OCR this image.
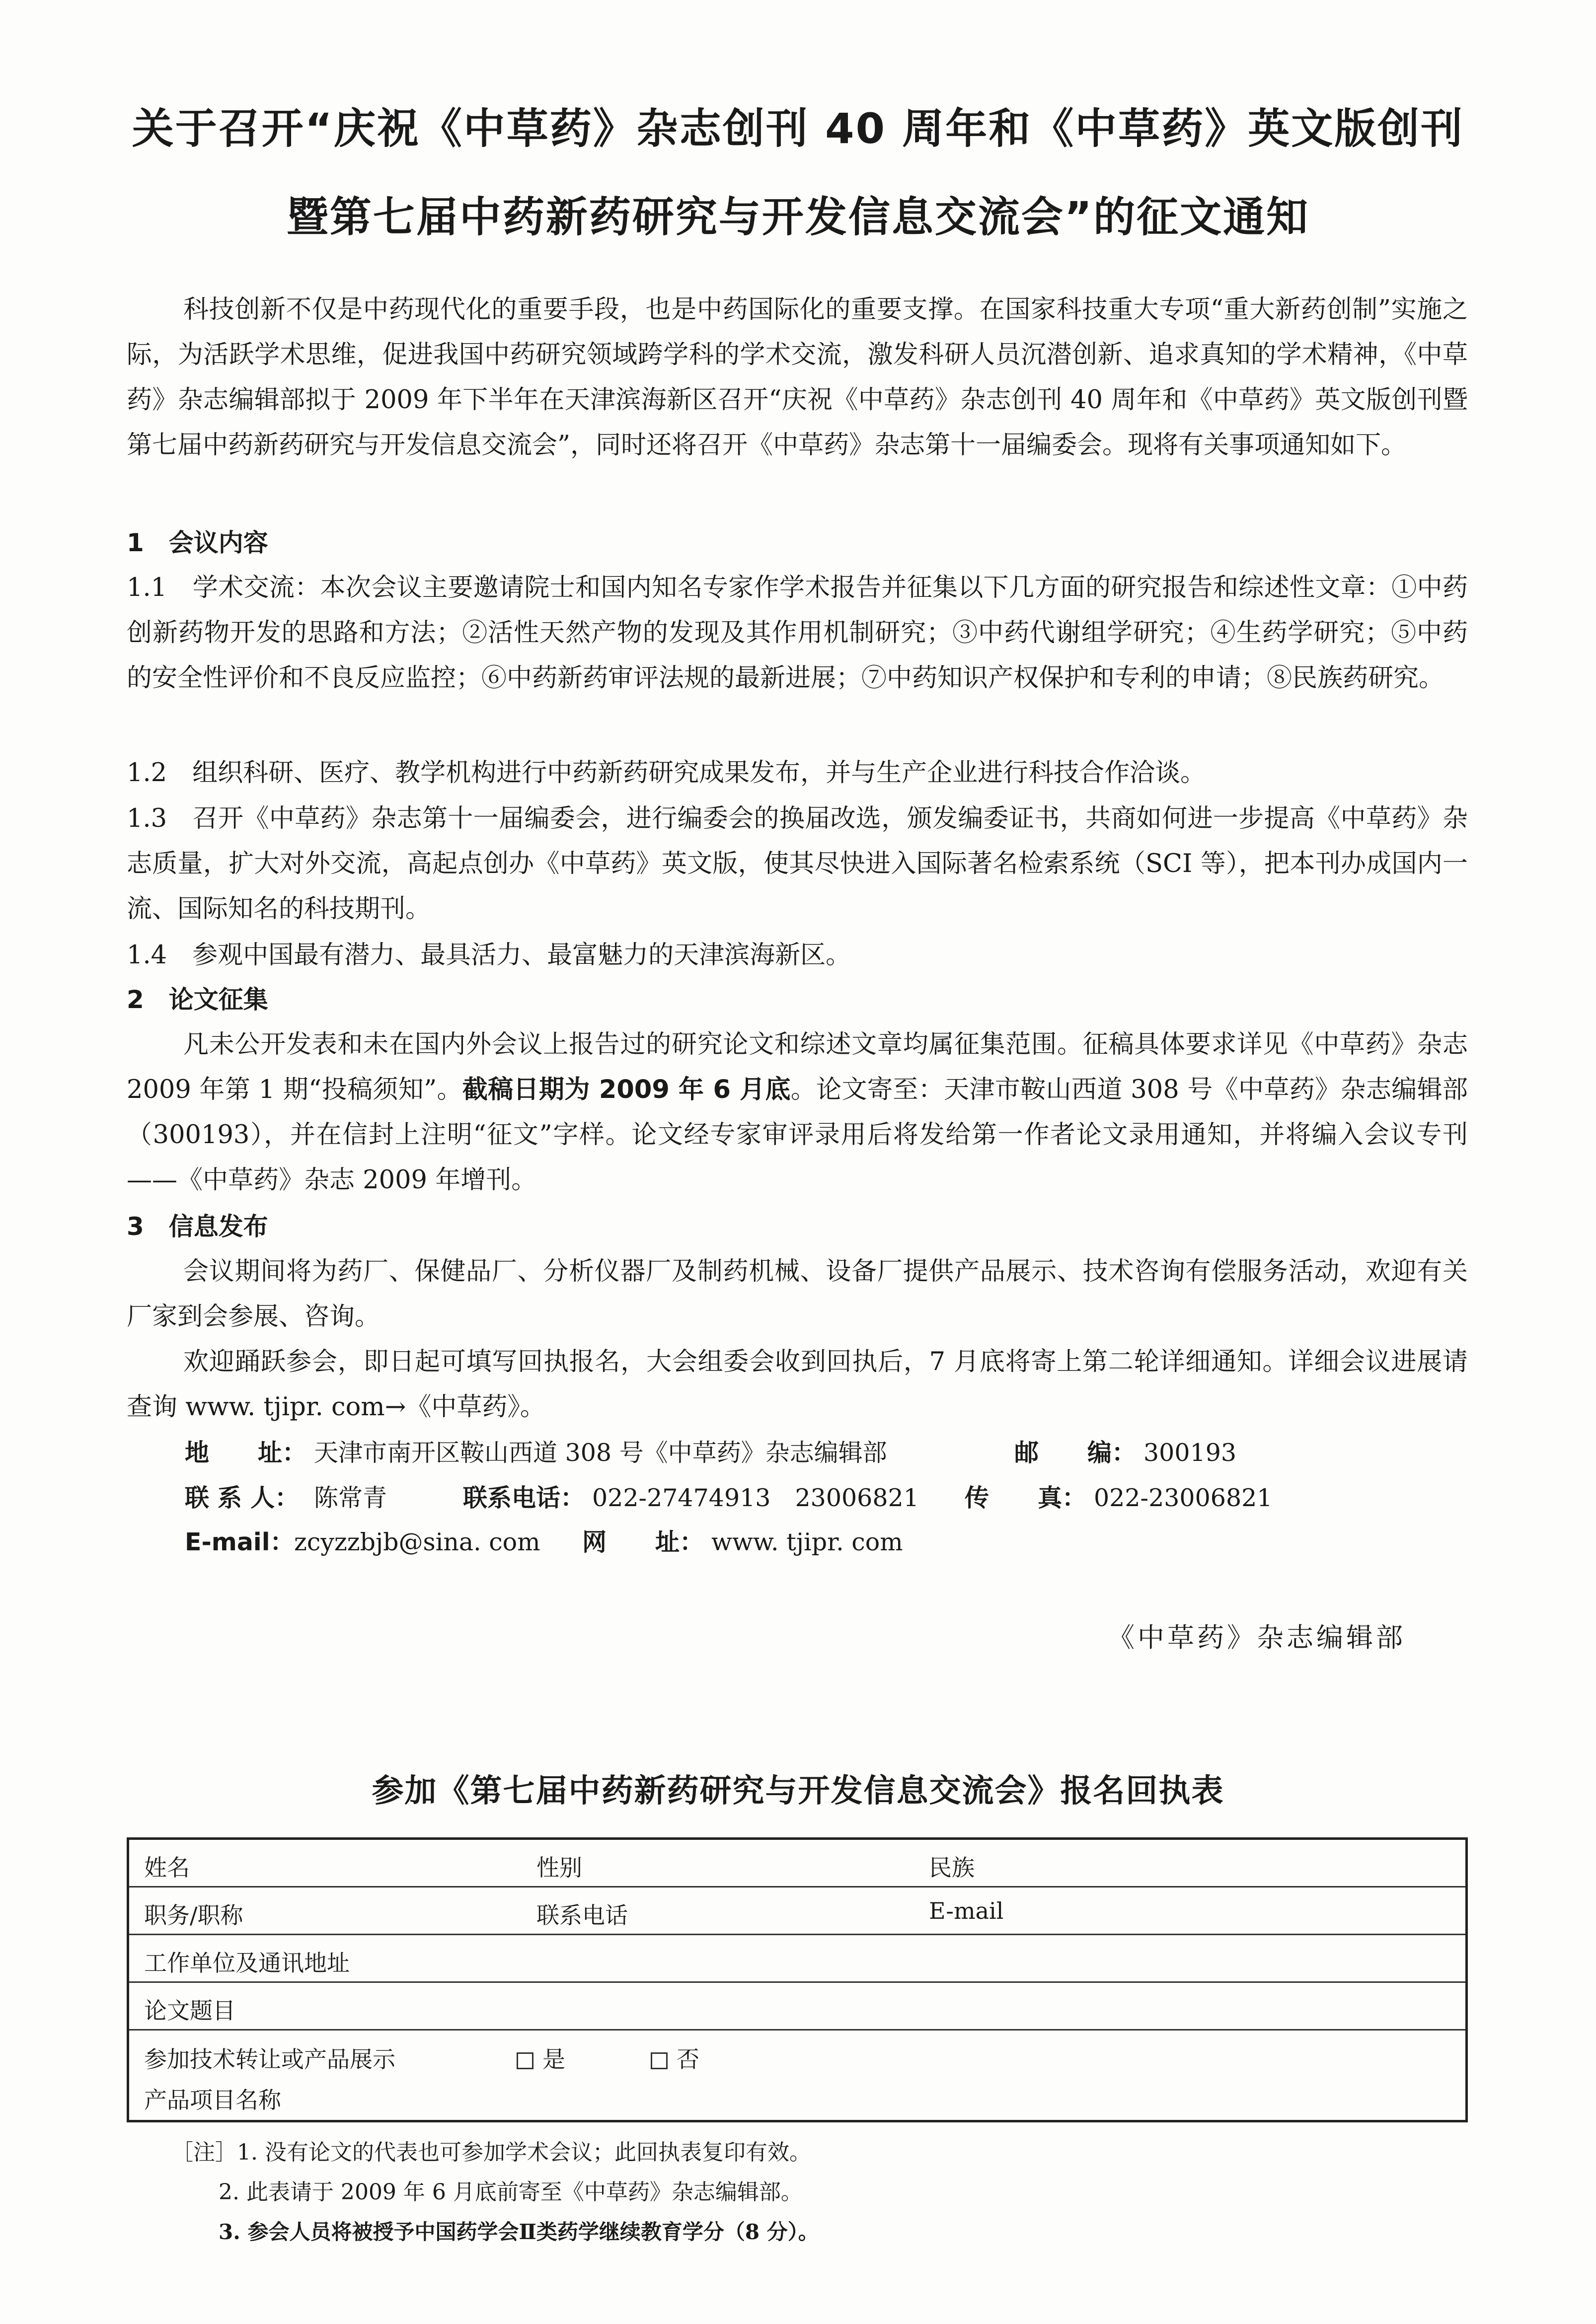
关于召开“庆祝《中草药》杂志创刊 40 周年和《中草药》英文版创刊
暨第七届中药新药研究与开发信息交流会”的征文通知

科技创新不仅是中药现代化的重要手段，也是中药国际化的重要支撑。在国家科技重大专项“重大新药创制”实施之际，为活跃学术思维，促进我国中药研究领域跨学科的学术交流，激发科研人员沉潜创新、追求真知的学术精神，《中草药》杂志编辑部拟于 2009 年下半年在天津滨海新区召开“庆祝《中草药》杂志创刊 40 周年和《中草药》英文版创刊暨第七届中药新药研究与开发信息交流会”，同时还将召开《中草药》杂志第十一届编委会。现将有关事项通知如下。

1　会议内容

1.1　学术交流：本次会议主要邀请院士和国内知名专家作学术报告并征集以下几方面的研究报告和综述性文章：①中药创新药物开发的思路和方法；②活性天然产物的发现及其作用机制研究；③中药代谢组学研究；④生药学研究；⑤中药的安全性评价和不良反应监控；⑥中药新药审评法规的最新进展；⑦中药知识产权保护和专利的申请；⑧民族药研究。

1.2　组织科研、医疗、教学机构进行中药新药研究成果发布，并与生产企业进行科技合作洽谈。

1.3　召开《中草药》杂志第十一届编委会，进行编委会的换届改选，颁发编委证书，共商如何进一步提高《中草药》杂志质量，扩大对外交流，高起点创办《中草药》英文版，使其尽快进入国际著名检索系统（SCI 等），把本刊办成国内一流、国际知名的科技期刊。

1.4　参观中国最有潜力、最具活力、最富魅力的天津滨海新区。

2　论文征集

凡未公开发表和未在国内外会议上报告过的研究论文和综述文章均属征集范围。征稿具体要求详见《中草药》杂志 2009 年第 1 期“投稿须知”。截稿日期为 2009 年 6 月底。论文寄至：天津市鞍山西道 308 号《中草药》杂志编辑部（300193），并在信封上注明“征文”字样。论文经专家审评录用后将发给第一作者论文录用通知，并将编入会议专刊——《中草药》杂志 2009 年增刊。

3　信息发布

会议期间将为药厂、保健品厂、分析仪器厂及制药机械、设备厂提供产品展示、技术咨询有偿服务活动，欢迎有关厂家到会参展、咨询。

欢迎踊跃参会，即日起可填写回执报名，大会组委会收到回执后，7 月底将寄上第二轮详细通知。详细会议进展请查询 www. tjipr. com→《中草药》。

地　　址： 天津市南开区鞍山西道 308 号《中草药》杂志编辑部	邮　　编： 300193
联 系 人： 陈常青	联系电话： 022-27474913　23006821 传　　真： 022-23006821
E-mail： zcyzzbjb@sina. com 网　　址： www. tjipr. com
《中草药》杂志编辑部
参加《第七届中药新药研究与开发信息交流会》报名回执表
姓名	性别	民族
职务/职称	联系电话	E-mail
工作单位及通讯地址
论文题目
参加技术转让或产品展示	是	否
产品项目名称
［注］1. 没有论文的代表也可参加学术会议；此回执表复印有效。
2. 此表请于 2009 年 6 月底前寄至《中草药》杂志编辑部。
3. 参会人员将被授予中国药学会Ⅱ类药学继续教育学分（8 分）。
